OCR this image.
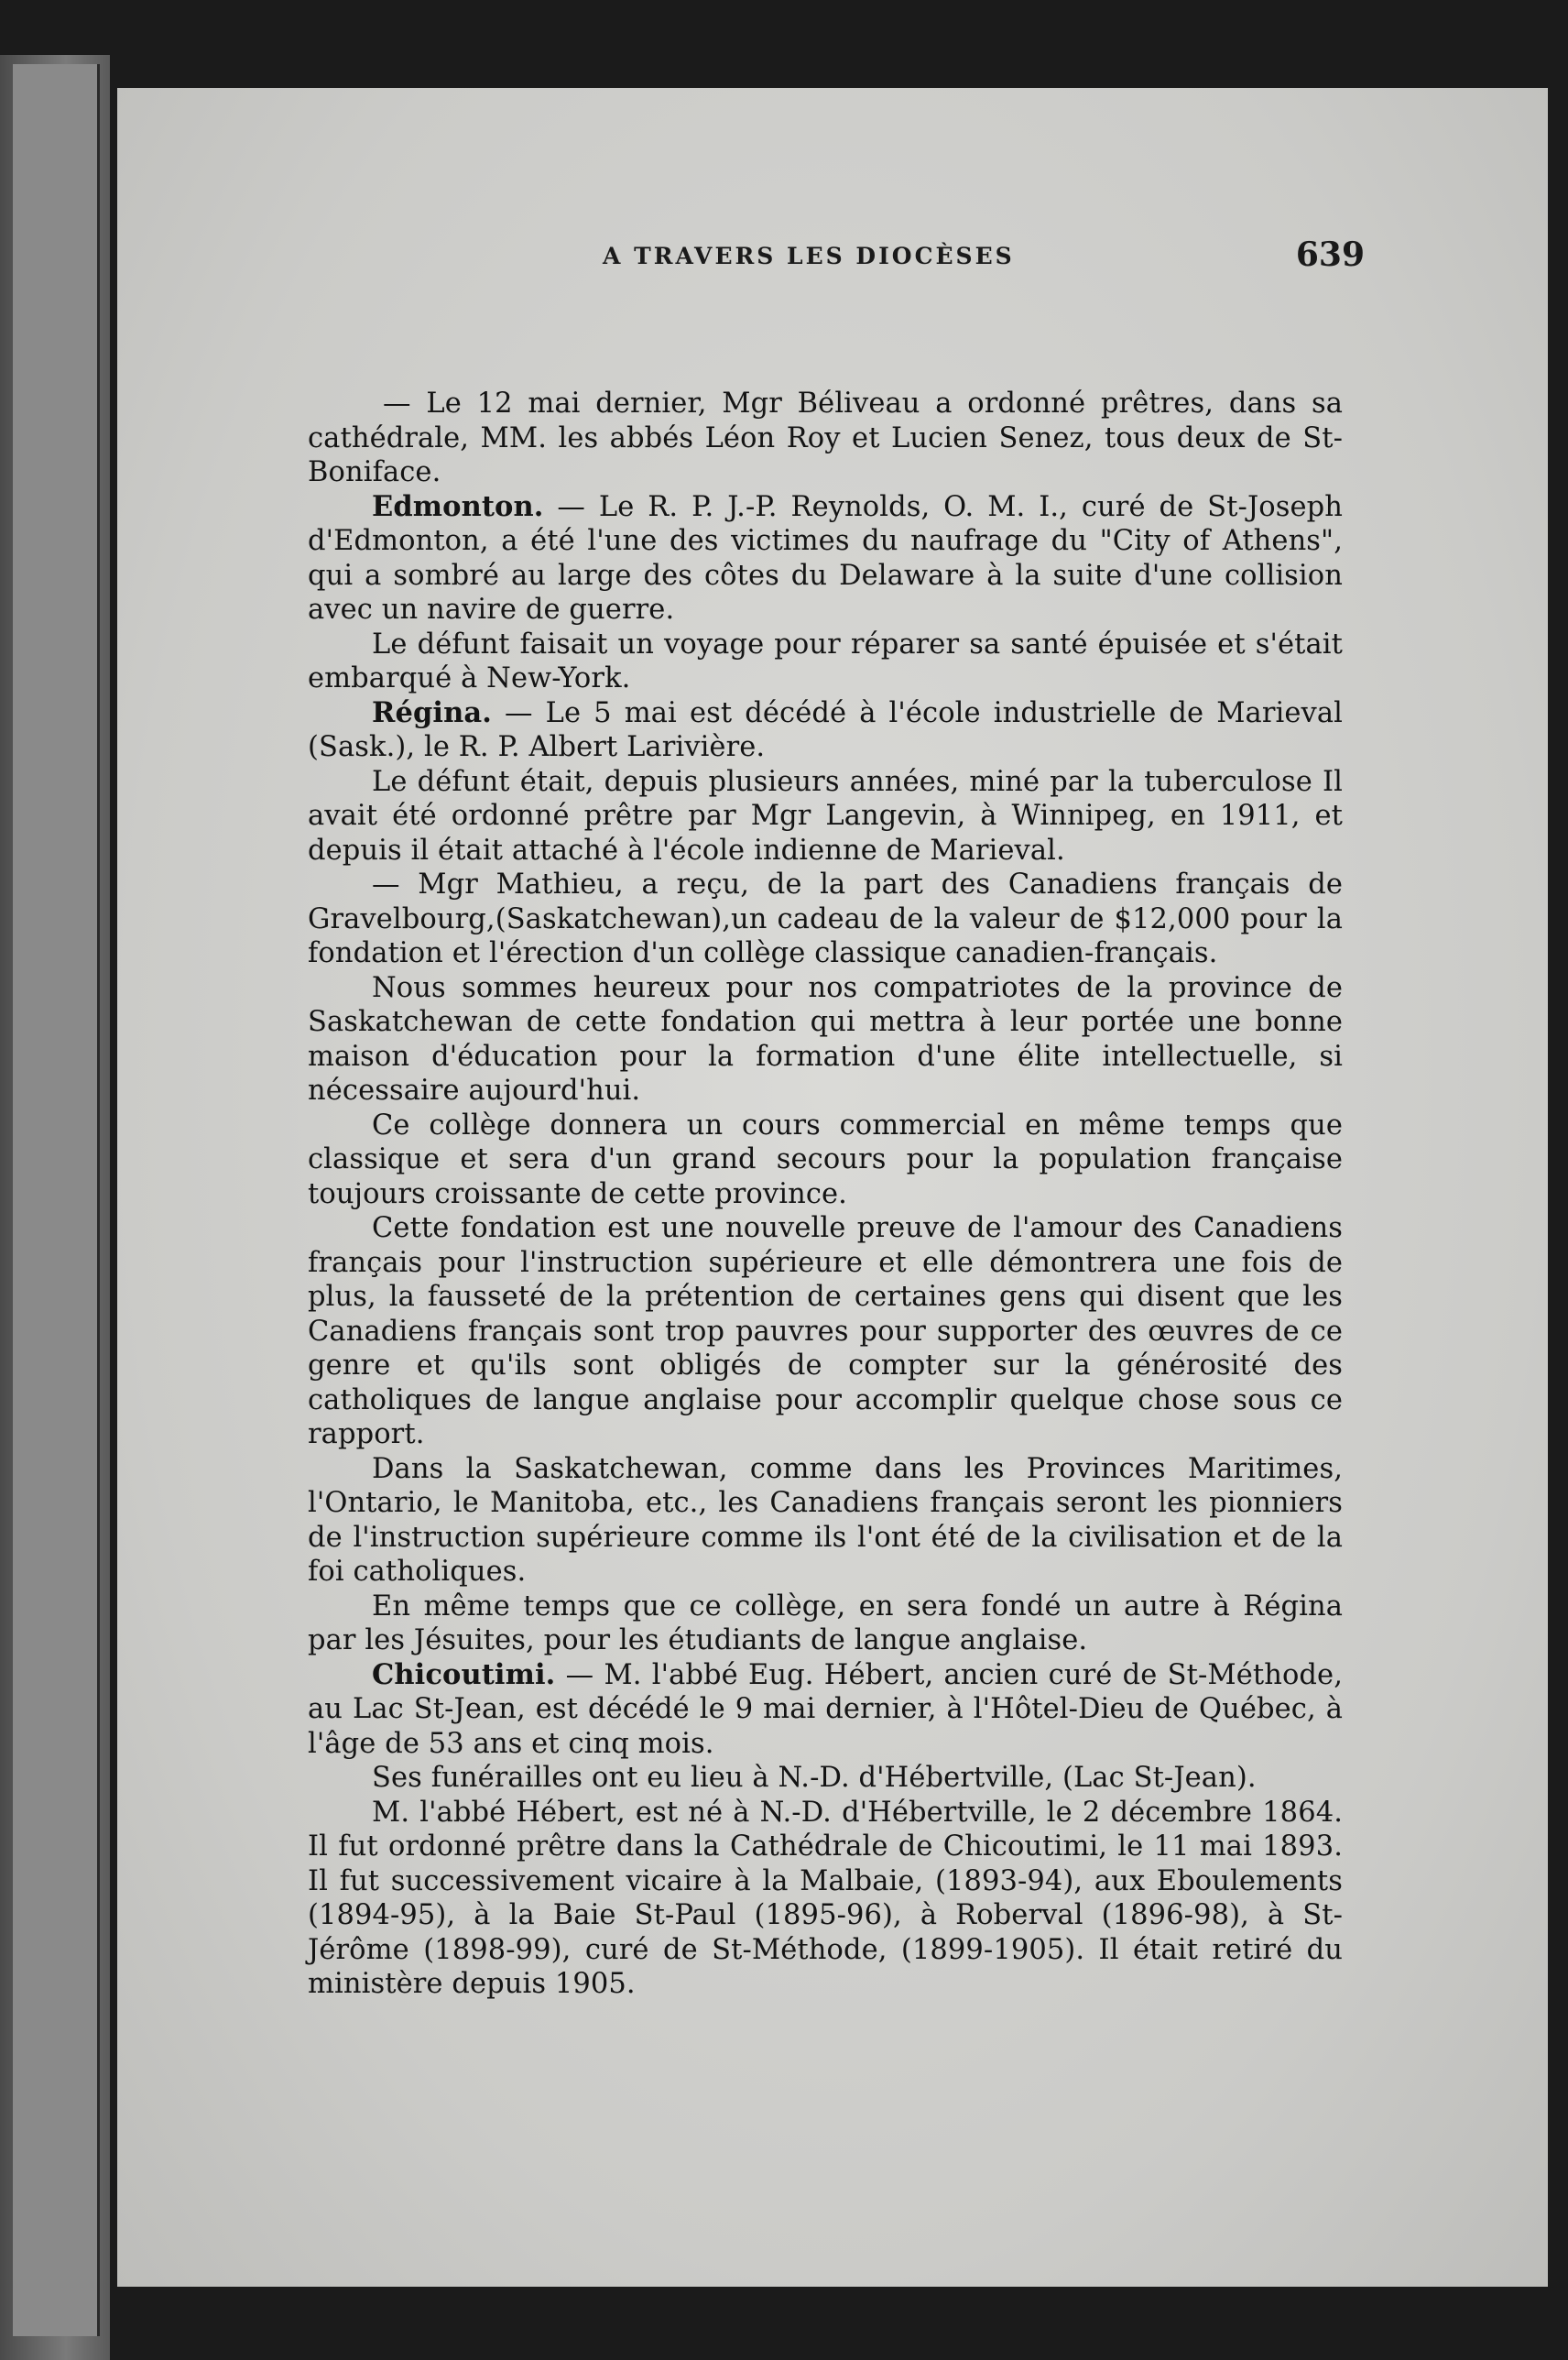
A TRAVERS LES DIOCÈSES	639

— Le 12 mai dernier, Mgr Béliveau a ordonné prêtres, dans sa cathédrale, MM. les abbés Léon Roy et Lucien Senez, tous deux de St-Boniface.

Edmonton. — Le R. P. J.-P. Reynolds, O. M. I., curé de St-Joseph d'Edmonton, a été l'une des victimes du naufrage du "City of Athens", qui a sombré au large des côtes du Delaware à la suite d'une collision avec un navire de guerre.

Le défunt faisait un voyage pour réparer sa santé épuisée et s'était embarqué à New-York.

Régina. — Le 5 mai est décédé à l'école industrielle de Marieval (Sask.), le R. P. Albert Larivière.

Le défunt était, depuis plusieurs années, miné par la tuberculose Il avait été ordonné prêtre par Mgr Langevin, à Winnipeg, en 1911, et depuis il était attaché à l'école indienne de Marieval.

— Mgr Mathieu, a reçu, de la part des Canadiens français de Gravelbourg,(Saskatchewan),un cadeau de la valeur de $12,000 pour la fondation et l'érection d'un collège classique canadien-français.

Nous sommes heureux pour nos compatriotes de la province de Saskatchewan de cette fondation qui mettra à leur portée une bonne maison d'éducation pour la formation d'une élite intellectuelle, si nécessaire aujourd'hui.

Ce collège donnera un cours commercial en même temps que classique et sera d'un grand secours pour la population française toujours croissante de cette province.

Cette fondation est une nouvelle preuve de l'amour des Canadiens français pour l'instruction supérieure et elle démontrera une fois de plus, la fausseté de la prétention de certaines gens qui disent que les Canadiens français sont trop pauvres pour supporter des œuvres de ce genre et qu'ils sont obligés de compter sur la générosité des catholiques de langue anglaise pour accomplir quelque chose sous ce rapport.

Dans la Saskatchewan, comme dans les Provinces Maritimes, l'Ontario, le Manitoba, etc., les Canadiens français seront les pionniers de l'instruction supérieure comme ils l'ont été de la civilisation et de la foi catholiques.

En même temps que ce collège, en sera fondé un autre à Régina par les Jésuites, pour les étudiants de langue anglaise.

Chicoutimi. — M. l'abbé Eug. Hébert, ancien curé de St-Méthode, au Lac St-Jean, est décédé le 9 mai dernier, à l'Hôtel-Dieu de Québec, à l'âge de 53 ans et cinq mois.

Ses funérailles ont eu lieu à N.-D. d'Hébertville, (Lac St-Jean).

M. l'abbé Hébert, est né à N.-D. d'Hébertville, le 2 décembre 1864. Il fut ordonné prêtre dans la Cathédrale de Chicoutimi, le 11 mai 1893. Il fut successivement vicaire à la Malbaie, (1893-94), aux Eboulements (1894-95), à la Baie St-Paul (1895-96), à Roberval (1896-98), à St-Jérôme (1898-99), curé de St-Méthode, (1899-1905). Il était retiré du ministère depuis 1905.
